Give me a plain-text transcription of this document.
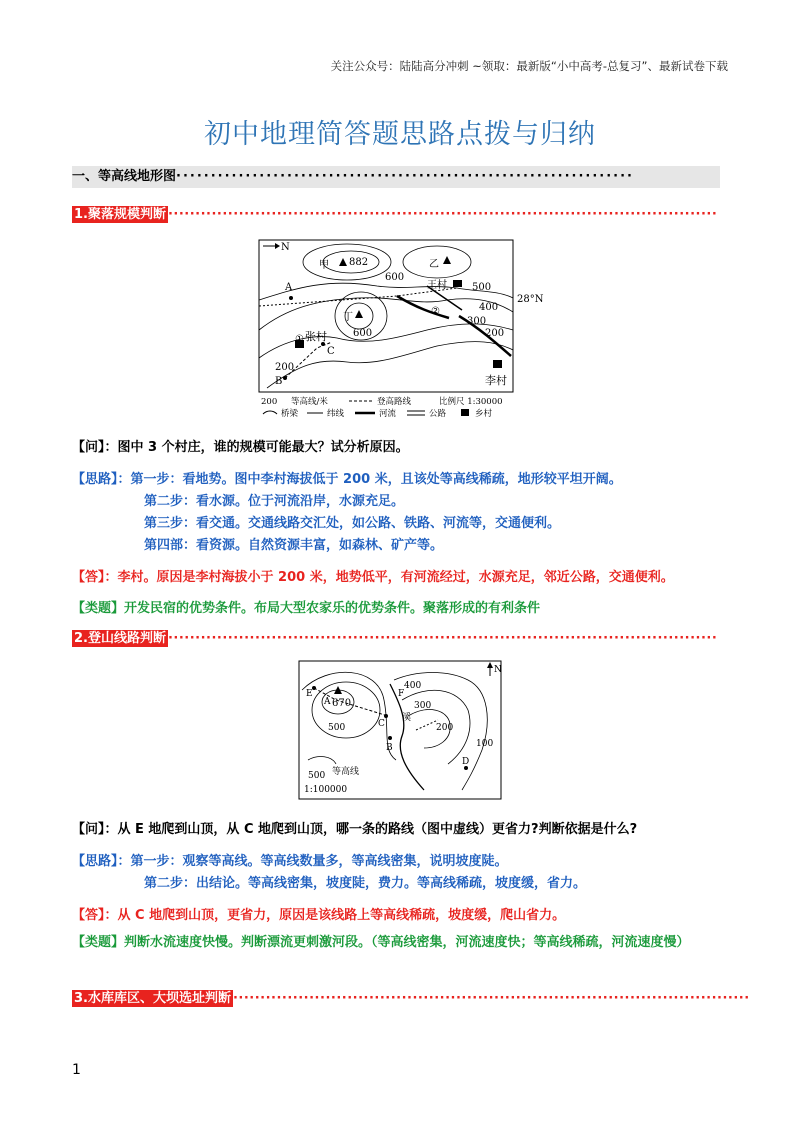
关注公众号：陆陆高分冲刺 ~领取：最新版“小中高考-总复习”、最新试卷下载
初中地理简答题思路点拨与归纳
一、等高线地形图··································································
1.聚落规模判断 ·····································································································
N
甲 882	乙
王村	500
600
400
300
200
28°N
丁
600
②
① 张村
A
B
C
200
李村
200 等高线/米	登高路线	比例尺 1:30000
桥梁	纬线	河流	公路	乡村
【问】：图中 3 个村庄，谁的规模可能最大？试分析原因。
【思路】：第一步：看地势。图中李村海拔低于 200 米，且该处等高线稀疏，地形较平坦开阔。
第二步：看水源。位于河流沿岸，水源充足。
第三步：看交通。交通线路交汇处，如公路、铁路、河流等，交通便利。
第四部：看资源。自然资源丰富，如森林、矿产等。
【答】：李村。原因是李村海拔小于 200 米，地势低平，有河流经过，水源充足，邻近公路，交通便利。
【类题】开发民宿的优势条件。布局大型农家乐的优势条件。聚落形成的有利条件
2.登山线路判断 ·····································································································
N
670
A
E	F
C
B
D
溪
400
300
200
100
500
500 等高线
1:100000
【问】：从 E 地爬到山顶，从 C 地爬到山顶，哪一条的路线（图中虚线）更省力?判断依据是什么?
【思路】：第一步：观察等高线。等高线数量多，等高线密集，说明坡度陡。
第二步：出结论。等高线密集，坡度陡，费力。等高线稀疏，坡度缓，省力。
【答】：从 C 地爬到山顶，更省力，原因是该线路上等高线稀疏，坡度缓，爬山省力。
【类题】判断水流速度快慢。判断漂流更刺激河段。（等高线密集，河流速度快；等高线稀疏，河流速度慢）
3.水库库区、大坝选址判断 ·······························································································
1
